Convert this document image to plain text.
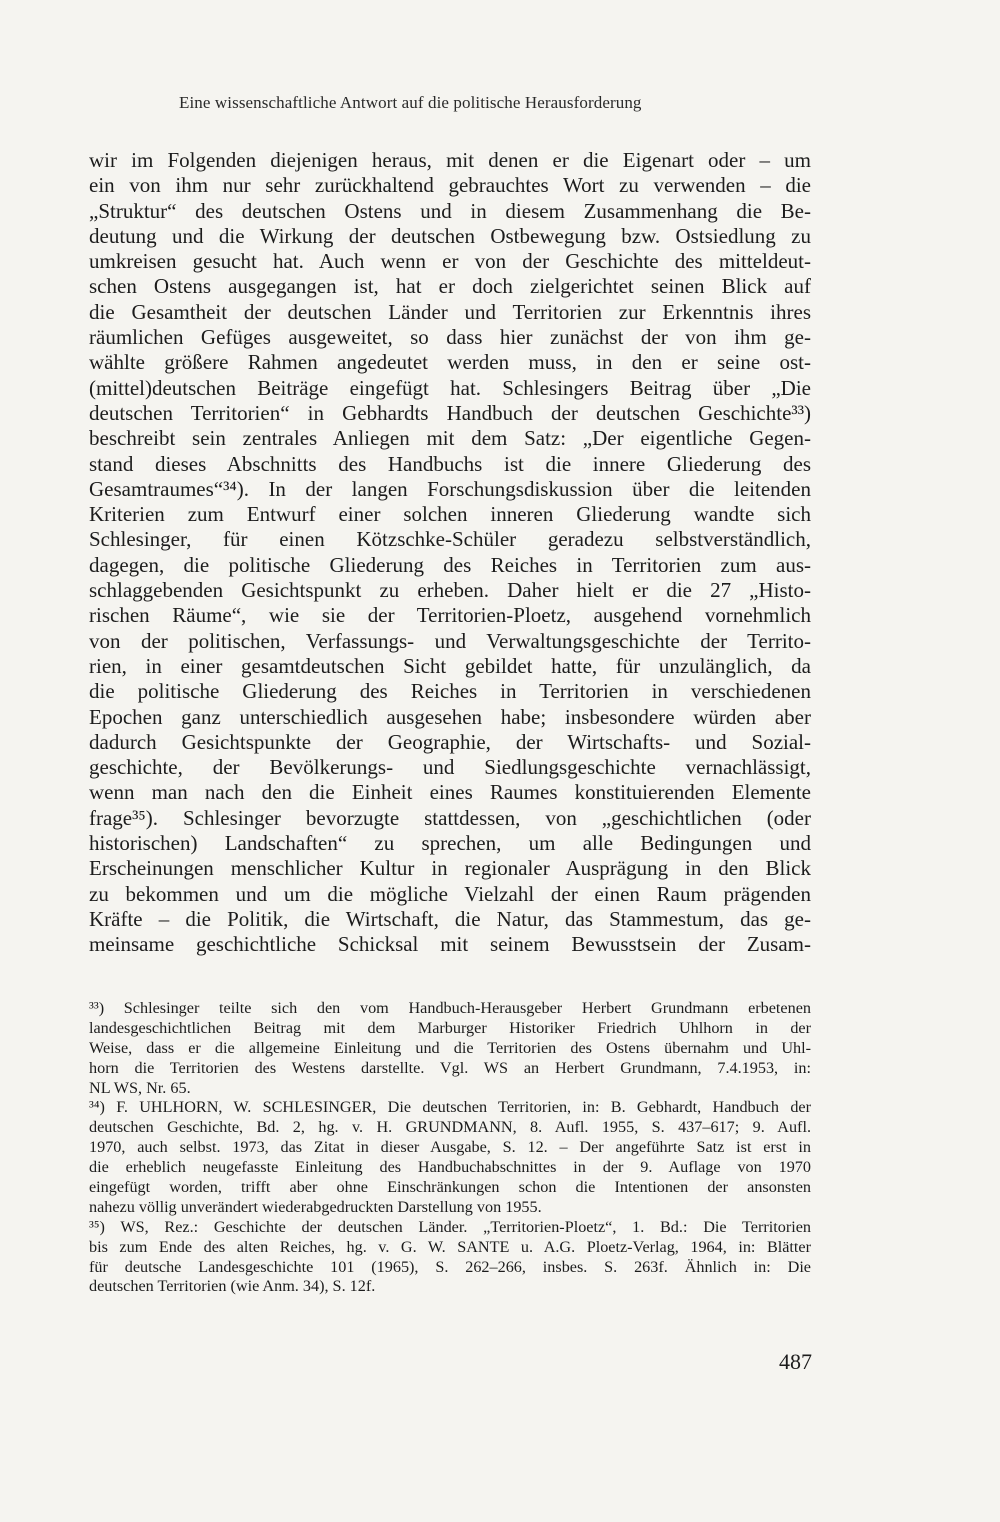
Eine wissenschaftliche Antwort auf die politische Herausforderung
wir im Folgenden diejenigen heraus, mit denen er die Eigenart oder – um
ein von ihm nur sehr zurückhaltend gebrauchtes Wort zu verwenden – die
„Struktur“ des deutschen Ostens und in diesem Zusammenhang die Be-
deutung und die Wirkung der deutschen Ostbewegung bzw. Ostsiedlung zu
umkreisen gesucht hat. Auch wenn er von der Geschichte des mitteldeut-
schen Ostens ausgegangen ist, hat er doch zielgerichtet seinen Blick auf
die Gesamtheit der deutschen Länder und Territorien zur Erkenntnis ihres
räumlichen Gefüges ausgeweitet, so dass hier zunächst der von ihm ge-
wählte größere Rahmen angedeutet werden muss, in den er seine ost-
(mittel)deutschen Beiträge eingefügt hat. Schlesingers Beitrag über „Die
deutschen Territorien“ in Gebhardts Handbuch der deutschen Geschichte³³)
beschreibt sein zentrales Anliegen mit dem Satz: „Der eigentliche Gegen-
stand dieses Abschnitts des Handbuchs ist die innere Gliederung des
Gesamtraumes“³⁴). In der langen Forschungsdiskussion über die leitenden
Kriterien zum Entwurf einer solchen inneren Gliederung wandte sich
Schlesinger, für einen Kötzschke-Schüler geradezu selbstverständlich,
dagegen, die politische Gliederung des Reiches in Territorien zum aus-
schlaggebenden Gesichtspunkt zu erheben. Daher hielt er die 27 „Histo-
rischen Räume“, wie sie der Territorien-Ploetz, ausgehend vornehmlich
von der politischen, Verfassungs- und Verwaltungsgeschichte der Territo-
rien, in einer gesamtdeutschen Sicht gebildet hatte, für unzulänglich, da
die politische Gliederung des Reiches in Territorien in verschiedenen
Epochen ganz unterschiedlich ausgesehen habe; insbesondere würden aber
dadurch Gesichtspunkte der Geographie, der Wirtschafts- und Sozial-
geschichte, der Bevölkerungs- und Siedlungsgeschichte vernachlässigt,
wenn man nach den die Einheit eines Raumes konstituierenden Elemente
frage³⁵). Schlesinger bevorzugte stattdessen, von „geschichtlichen (oder
historischen) Landschaften“ zu sprechen, um alle Bedingungen und
Erscheinungen menschlicher Kultur in regionaler Ausprägung in den Blick
zu bekommen und um die mögliche Vielzahl der einen Raum prägenden
Kräfte – die Politik, die Wirtschaft, die Natur, das Stammestum, das ge-
meinsame geschichtliche Schicksal mit seinem Bewusstsein der Zusam-
³³) Schlesinger teilte sich den vom Handbuch-Herausgeber Herbert Grundmann erbetenen
landesgeschichtlichen Beitrag mit dem Marburger Historiker Friedrich Uhlhorn in der
Weise, dass er die allgemeine Einleitung und die Territorien des Ostens übernahm und Uhl-
horn die Territorien des Westens darstellte. Vgl. WS an Herbert Grundmann, 7.4.1953, in:
NL WS, Nr. 65.
³⁴) F. UHLHORN, W. SCHLESINGER, Die deutschen Territorien, in: B. Gebhardt, Handbuch der
deutschen Geschichte, Bd. 2, hg. v. H. GRUNDMANN, 8. Aufl. 1955, S. 437–617; 9. Aufl.
1970, auch selbst. 1973, das Zitat in dieser Ausgabe, S. 12. – Der angeführte Satz ist erst in
die erheblich neugefasste Einleitung des Handbuchabschnittes in der 9. Auflage von 1970
eingefügt worden, trifft aber ohne Einschränkungen schon die Intentionen der ansonsten
nahezu völlig unverändert wiederabgedruckten Darstellung von 1955.
³⁵) WS, Rez.: Geschichte der deutschen Länder. „Territorien-Ploetz“, 1. Bd.: Die Territorien
bis zum Ende des alten Reiches, hg. v. G. W. SANTE u. A.G. Ploetz-Verlag, 1964, in: Blätter
für deutsche Landesgeschichte 101 (1965), S. 262–266, insbes. S. 263f. Ähnlich in: Die
deutschen Territorien (wie Anm. 34), S. 12f.
487
